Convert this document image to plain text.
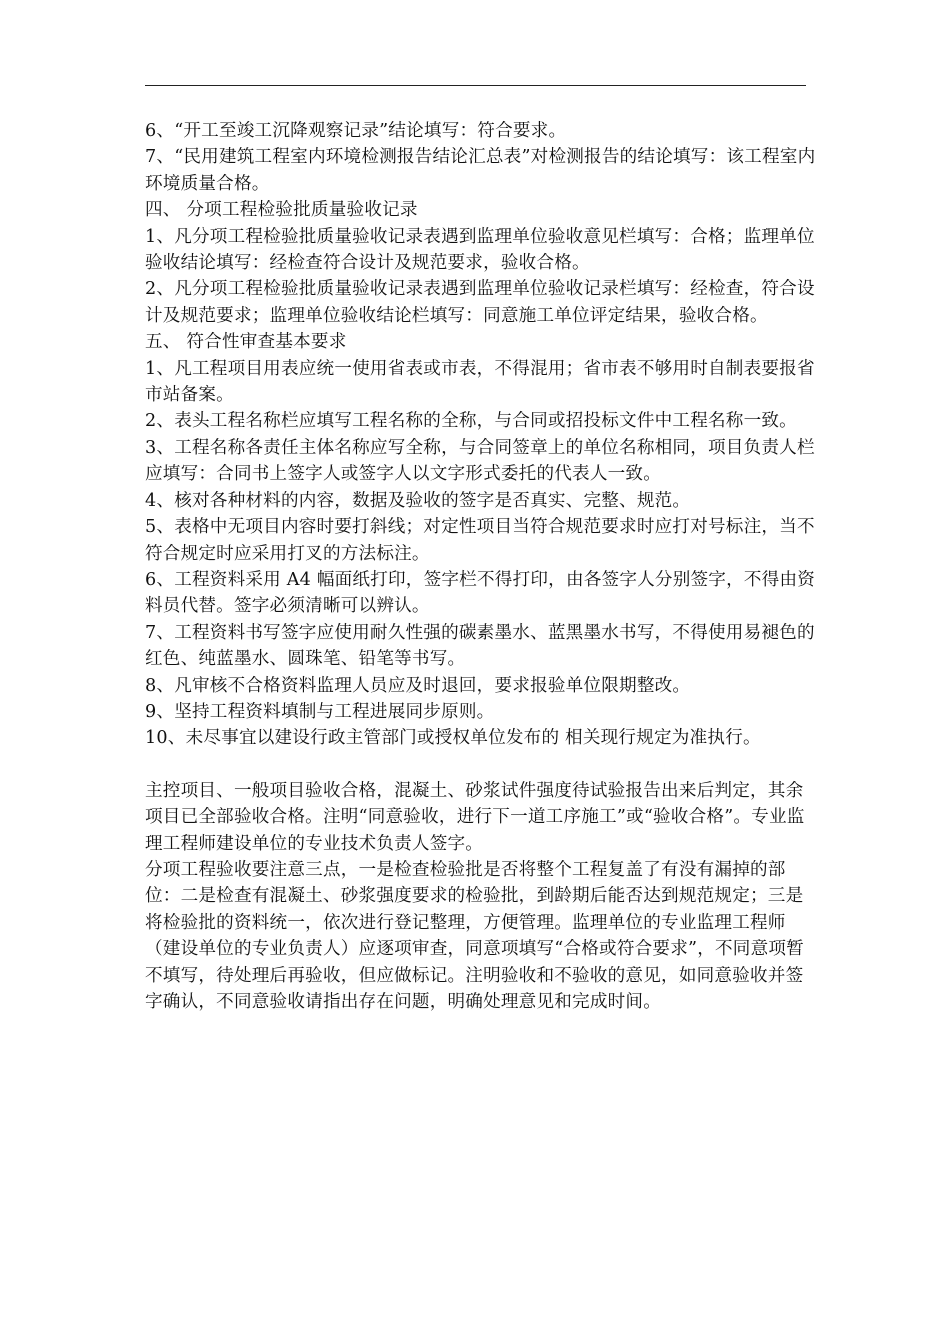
6、“开工至竣工沉降观察记录”结论填写：符合要求。

7、“民用建筑工程室内环境检测报告结论汇总表”对检测报告的结论填写：该工程室内环境质量合格。

四、 分项工程检验批质量验收记录

1、凡分项工程检验批质量验收记录表遇到监理单位验收意见栏填写：合格；监理单位验收结论填写：经检查符合设计及规范要求，验收合格。

2、凡分项工程检验批质量验收记录表遇到监理单位验收记录栏填写：经检查，符合设计及规范要求；监理单位验收结论栏填写：同意施工单位评定结果，验收合格。

五、 符合性审查基本要求

1、凡工程项目用表应统一使用省表或市表，不得混用；省市表不够用时自制表要报省市站备案。

2、表头工程名称栏应填写工程名称的全称，与合同或招投标文件中工程名称一致。

3、工程名称各责任主体名称应写全称，与合同签章上的单位名称相同，项目负责人栏应填写：合同书上签字人或签字人以文字形式委托的代表人一致。

4、核对各种材料的内容，数据及验收的签字是否真实、完整、规范。

5、表格中无项目内容时要打斜线；对定性项目当符合规范要求时应打对号标注，当不符合规定时应采用打叉的方法标注。

6、工程资料采用 A4 幅面纸打印，签字栏不得打印，由各签字人分别签字，不得由资料员代替。签字必须清晰可以辨认。

7、工程资料书写签字应使用耐久性强的碳素墨水、蓝黑墨水书写，不得使用易褪色的红色、纯蓝墨水、圆珠笔、铅笔等书写。

8、凡审核不合格资料监理人员应及时退回，要求报验单位限期整改。

9、坚持工程资料填制与工程进展同步原则。

10、未尽事宜以建设行政主管部门或授权单位发布的 相关现行规定为准执行。

主控项目、一般项目验收合格，混凝土、砂浆试件强度待试验报告出来后判定，其余项目已全部验收合格。注明“同意验收，进行下一道工序施工”或“验收合格”。专业监理工程师建设单位的专业技术负责人签字。

分项工程验收要注意三点，一是检查检验批是否将整个工程复盖了有没有漏掉的部位：二是检查有混凝土、砂浆强度要求的检验批，到龄期后能否达到规范规定；三是将检验批的资料统一，依次进行登记整理，方便管理。监理单位的专业监理工程师（建设单位的专业负责人）应逐项审查，同意项填写“合格或符合要求”，不同意项暂不填写，待处理后再验收，但应做标记。注明验收和不验收的意见，如同意验收并签字确认，不同意验收请指出存在问题，明确处理意见和完成时间。
